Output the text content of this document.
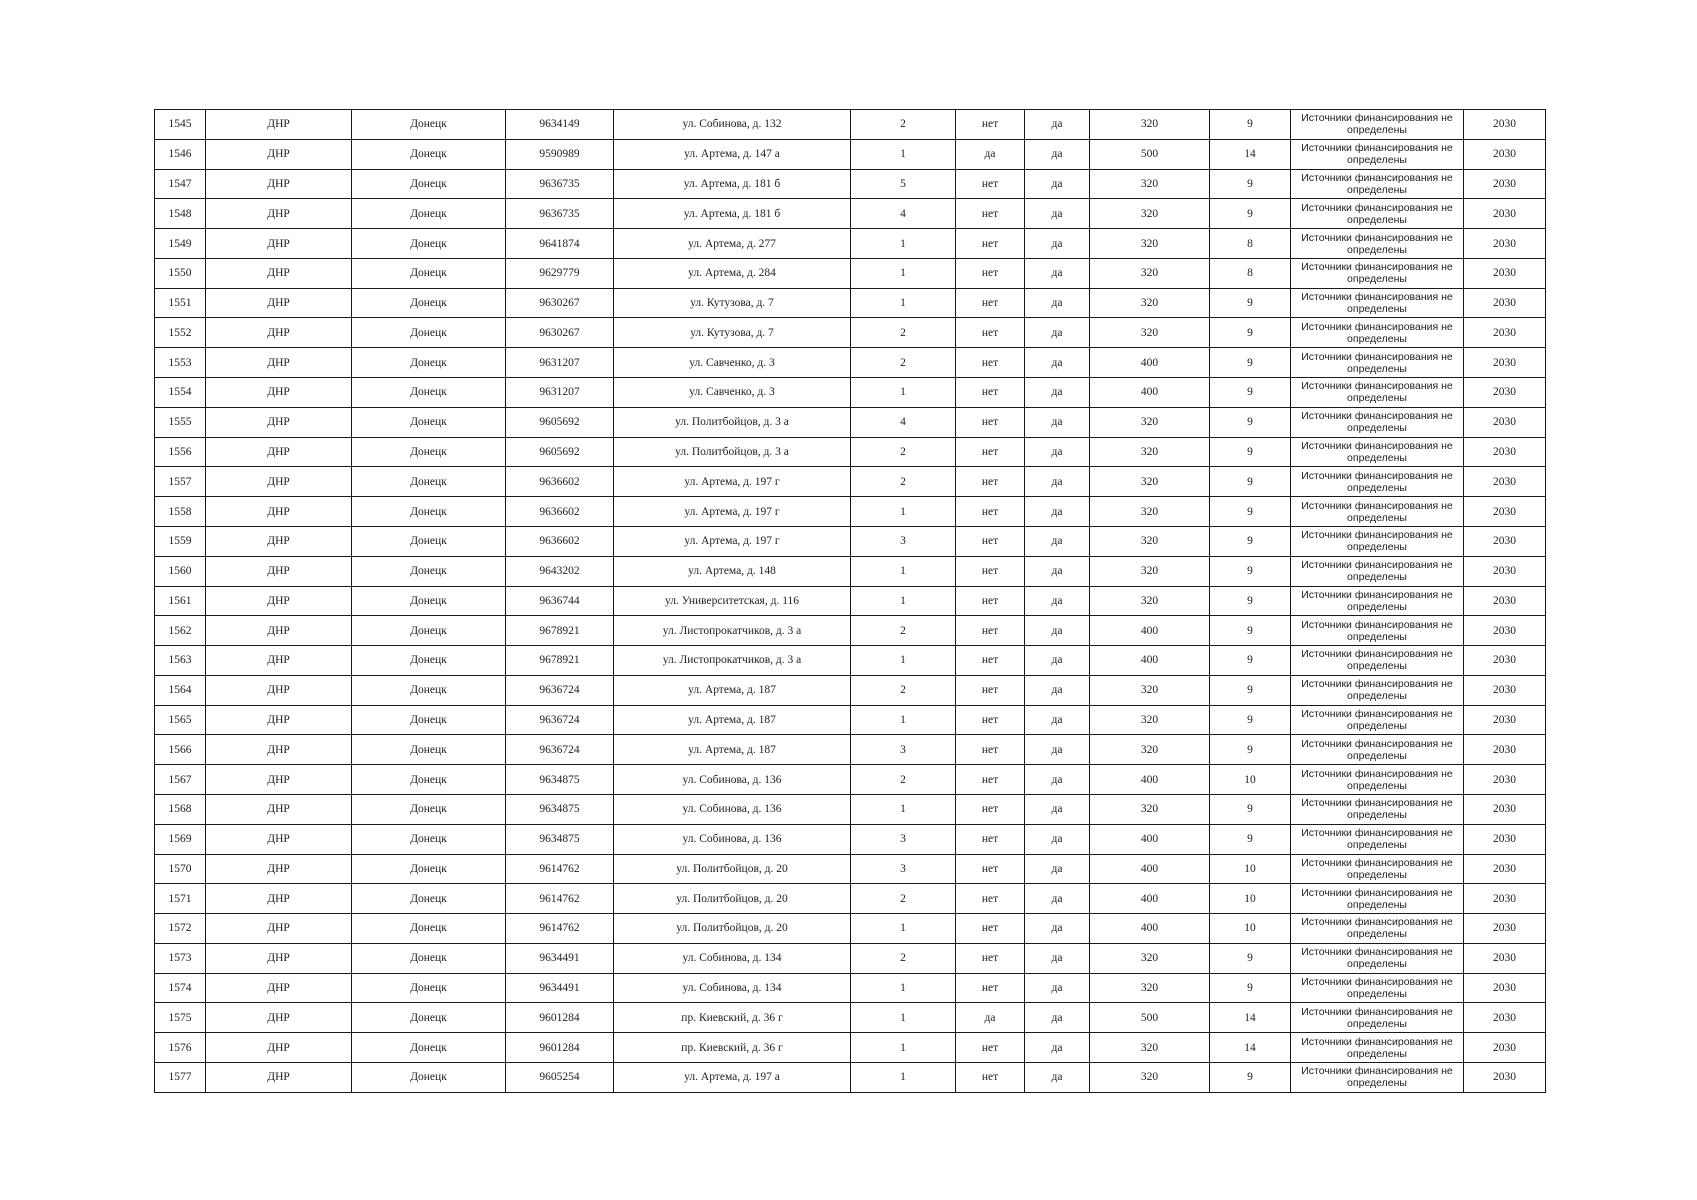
1545	ДНР	Донецк	9634149	ул. Собинова, д. 132	2	нет	да	320	9	Источники финансирования не определены	2030
1546	ДНР	Донецк	9590989	ул. Артема, д. 147 а	1	да	да	500	14	Источники финансирования не определены	2030
1547	ДНР	Донецк	9636735	ул. Артема, д. 181 б	5	нет	да	320	9	Источники финансирования не определены	2030
1548	ДНР	Донецк	9636735	ул. Артема, д. 181 б	4	нет	да	320	9	Источники финансирования не определены	2030
1549	ДНР	Донецк	9641874	ул. Артема, д. 277	1	нет	да	320	8	Источники финансирования не определены	2030
1550	ДНР	Донецк	9629779	ул. Артема, д. 284	1	нет	да	320	8	Источники финансирования не определены	2030
1551	ДНР	Донецк	9630267	ул. Кутузова, д. 7	1	нет	да	320	9	Источники финансирования не определены	2030
1552	ДНР	Донецк	9630267	ул. Кутузова, д. 7	2	нет	да	320	9	Источники финансирования не определены	2030
1553	ДНР	Донецк	9631207	ул. Савченко, д. 3	2	нет	да	400	9	Источники финансирования не определены	2030
1554	ДНР	Донецк	9631207	ул. Савченко, д. 3	1	нет	да	400	9	Источники финансирования не определены	2030
1555	ДНР	Донецк	9605692	ул. Политбойцов, д. 3 а	4	нет	да	320	9	Источники финансирования не определены	2030
1556	ДНР	Донецк	9605692	ул. Политбойцов, д. 3 а	2	нет	да	320	9	Источники финансирования не определены	2030
1557	ДНР	Донецк	9636602	ул. Артема, д. 197 г	2	нет	да	320	9	Источники финансирования не определены	2030
1558	ДНР	Донецк	9636602	ул. Артема, д. 197 г	1	нет	да	320	9	Источники финансирования не определены	2030
1559	ДНР	Донецк	9636602	ул. Артема, д. 197 г	3	нет	да	320	9	Источники финансирования не определены	2030
1560	ДНР	Донецк	9643202	ул. Артема, д. 148	1	нет	да	320	9	Источники финансирования не определены	2030
1561	ДНР	Донецк	9636744	ул. Университетская, д. 116	1	нет	да	320	9	Источники финансирования не определены	2030
1562	ДНР	Донецк	9678921	ул. Листопрокатчиков, д. 3 а	2	нет	да	400	9	Источники финансирования не определены	2030
1563	ДНР	Донецк	9678921	ул. Листопрокатчиков, д. 3 а	1	нет	да	400	9	Источники финансирования не определены	2030
1564	ДНР	Донецк	9636724	ул. Артема, д. 187	2	нет	да	320	9	Источники финансирования не определены	2030
1565	ДНР	Донецк	9636724	ул. Артема, д. 187	1	нет	да	320	9	Источники финансирования не определены	2030
1566	ДНР	Донецк	9636724	ул. Артема, д. 187	3	нет	да	320	9	Источники финансирования не определены	2030
1567	ДНР	Донецк	9634875	ул. Собинова, д. 136	2	нет	да	400	10	Источники финансирования не определены	2030
1568	ДНР	Донецк	9634875	ул. Собинова, д. 136	1	нет	да	320	9	Источники финансирования не определены	2030
1569	ДНР	Донецк	9634875	ул. Собинова, д. 136	3	нет	да	400	9	Источники финансирования не определены	2030
1570	ДНР	Донецк	9614762	ул. Политбойцов, д. 20	3	нет	да	400	10	Источники финансирования не определены	2030
1571	ДНР	Донецк	9614762	ул. Политбойцов, д. 20	2	нет	да	400	10	Источники финансирования не определены	2030
1572	ДНР	Донецк	9614762	ул. Политбойцов, д. 20	1	нет	да	400	10	Источники финансирования не определены	2030
1573	ДНР	Донецк	9634491	ул. Собинова, д. 134	2	нет	да	320	9	Источники финансирования не определены	2030
1574	ДНР	Донецк	9634491	ул. Собинова, д. 134	1	нет	да	320	9	Источники финансирования не определены	2030
1575	ДНР	Донецк	9601284	пр. Киевский, д. 36 г	1	да	да	500	14	Источники финансирования не определены	2030
1576	ДНР	Донецк	9601284	пр. Киевский, д. 36 г	1	нет	да	320	14	Источники финансирования не определены	2030
1577	ДНР	Донецк	9605254	ул. Артема, д. 197 а	1	нет	да	320	9	Источники финансирования не определены	2030
